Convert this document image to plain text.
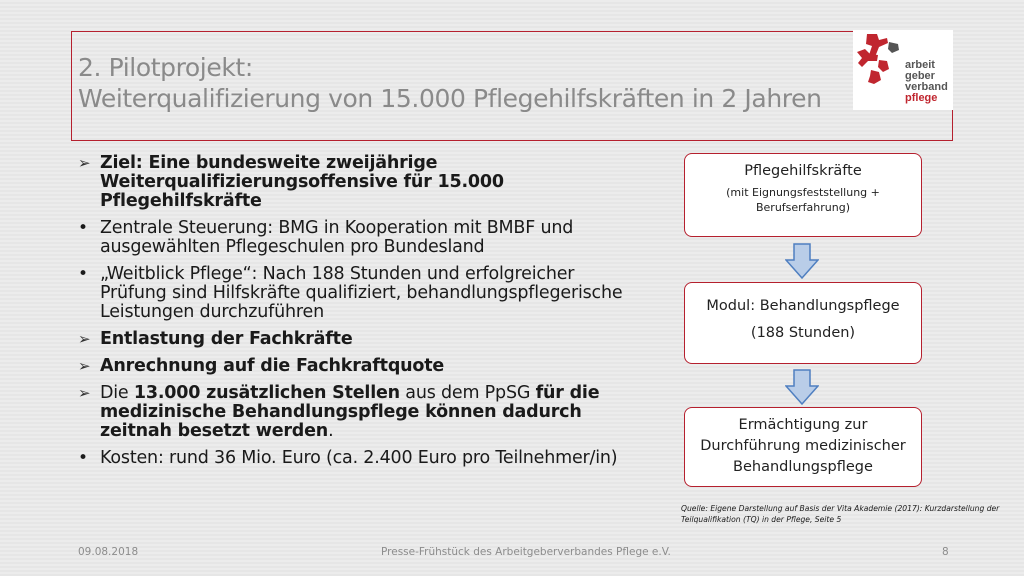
2. Pilotprojekt:
Weiterqualifizierung von 15.000 Pflegehilfskräften in 2 Jahren
arbeit
geber
verband
pflege
➢ Ziel: Eine bundesweite zweijährige Weiterqualifizierungsoffensive für 15.000 Pflegehilfskräfte
• Zentrale Steuerung: BMG in Kooperation mit BMBF und ausgewählten Pflegeschulen pro Bundesland
• „Weitblick Pflege“: Nach 188 Stunden und erfolgreicher Prüfung sind Hilfskräfte qualifiziert, behandlungspflegerische Leistungen durchzuführen
➢ Entlastung der Fachkräfte
➢ Anrechnung auf die Fachkraftquote
➢ Die 13.000 zusätzlichen Stellen aus dem PpSG für die medizinische Behandlungspflege können dadurch zeitnah besetzt werden.
• Kosten: rund 36 Mio. Euro (ca. 2.400 Euro pro Teilnehmer/in)
Pflegehilfskräfte
(mit Eignungsfeststellung + Berufserfahrung)
Modul: Behandlungspflege
(188 Stunden)
Ermächtigung zur Durchführung medizinischer Behandlungspflege
Quelle: Eigene Darstellung auf Basis der Vita Akademie (2017): Kurzdarstellung der Teilqualifikation (TQ) in der Pflege, Seite 5
09.08.2018	Presse-Frühstück des Arbeitgeberverbandes Pflege e.V.	8
